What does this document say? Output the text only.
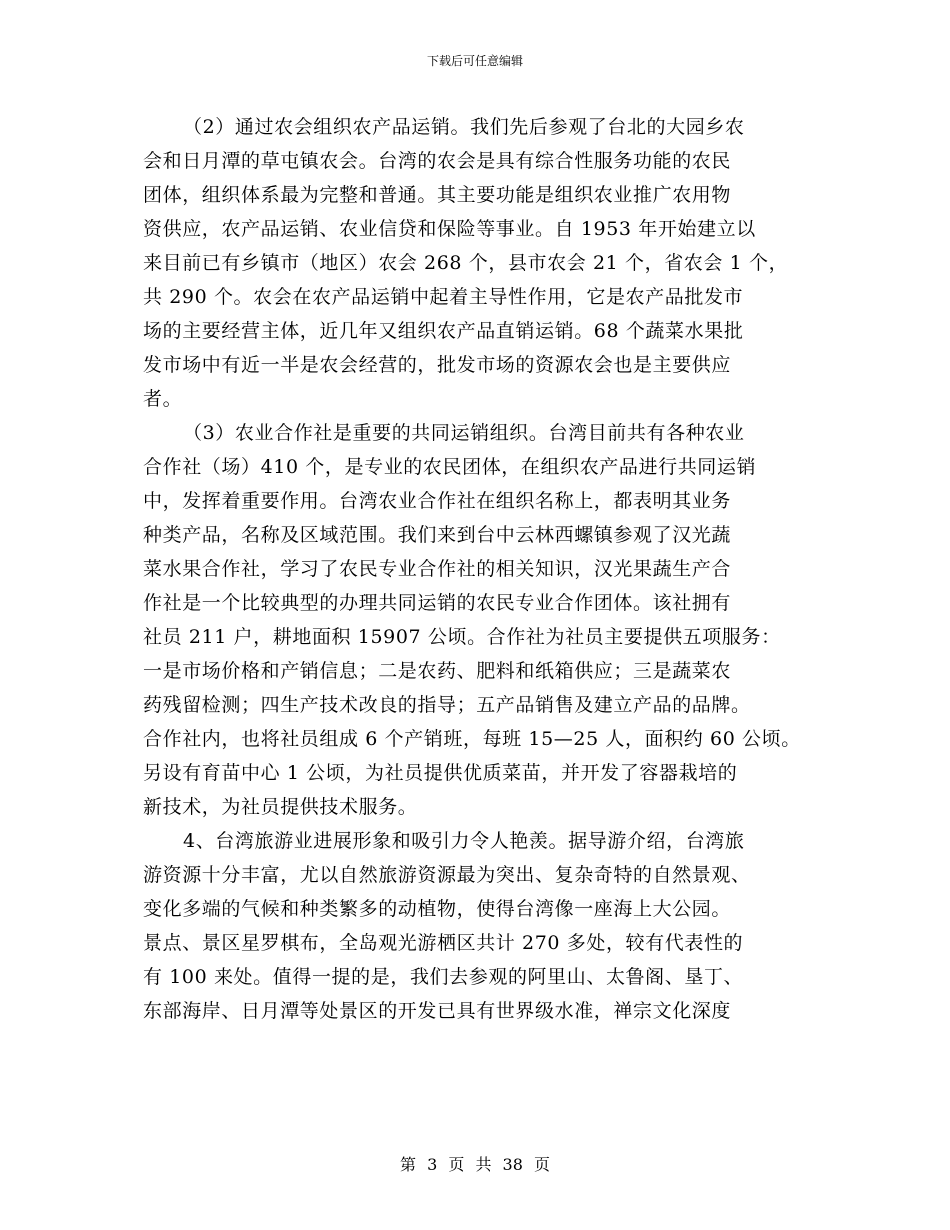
下载后可任意编辑
（2）通过农会组织农产品运销。我们先后参观了台北的大园乡农
会和日月潭的草屯镇农会。台湾的农会是具有综合性服务功能的农民
团体，组织体系最为完整和普通。其主要功能是组织农业推广农用物
资供应，农产品运销、农业信贷和保险等事业。自 1953 年开始建立以
来目前已有乡镇市（地区）农会 268 个，县市农会 21 个，省农会 1 个，
共 290 个。农会在农产品运销中起着主导性作用，它是农产品批发市
场的主要经营主体，近几年又组织农产品直销运销。68 个蔬菜水果批
发市场中有近一半是农会经营的，批发市场的资源农会也是主要供应
者。
（3）农业合作社是重要的共同运销组织。台湾目前共有各种农业
合作社（场）410 个，是专业的农民团体，在组织农产品进行共同运销
中，发挥着重要作用。台湾农业合作社在组织名称上，都表明其业务
种类产品，名称及区域范围。我们来到台中云林西螺镇参观了汉光蔬
菜水果合作社，学习了农民专业合作社的相关知识，汉光果蔬生产合
作社是一个比较典型的办理共同运销的农民专业合作团体。该社拥有
社员 211 户，耕地面积 15907 公顷。合作社为社员主要提供五项服务：
一是市场价格和产销信息；二是农药、肥料和纸箱供应；三是蔬菜农
药残留检测；四生产技术改良的指导；五产品销售及建立产品的品牌。
合作社内，也将社员组成 6 个产销班，每班 15—25 人，面积约 60 公顷。
另设有育苗中心 1 公顷，为社员提供优质菜苗，并开发了容器栽培的
新技术，为社员提供技术服务。
4、台湾旅游业进展形象和吸引力令人艳羡。据导游介绍，台湾旅
游资源十分丰富，尤以自然旅游资源最为突出、复杂奇特的自然景观、
变化多端的气候和种类繁多的动植物，使得台湾像一座海上大公园。
景点、景区星罗棋布，全岛观光游栖区共计 270 多处，较有代表性的
有 100 来处。值得一提的是，我们去参观的阿里山、太鲁阁、垦丁、
东部海岸、日月潭等处景区的开发已具有世界级水准，禅宗文化深度
第 3 页 共 38 页
